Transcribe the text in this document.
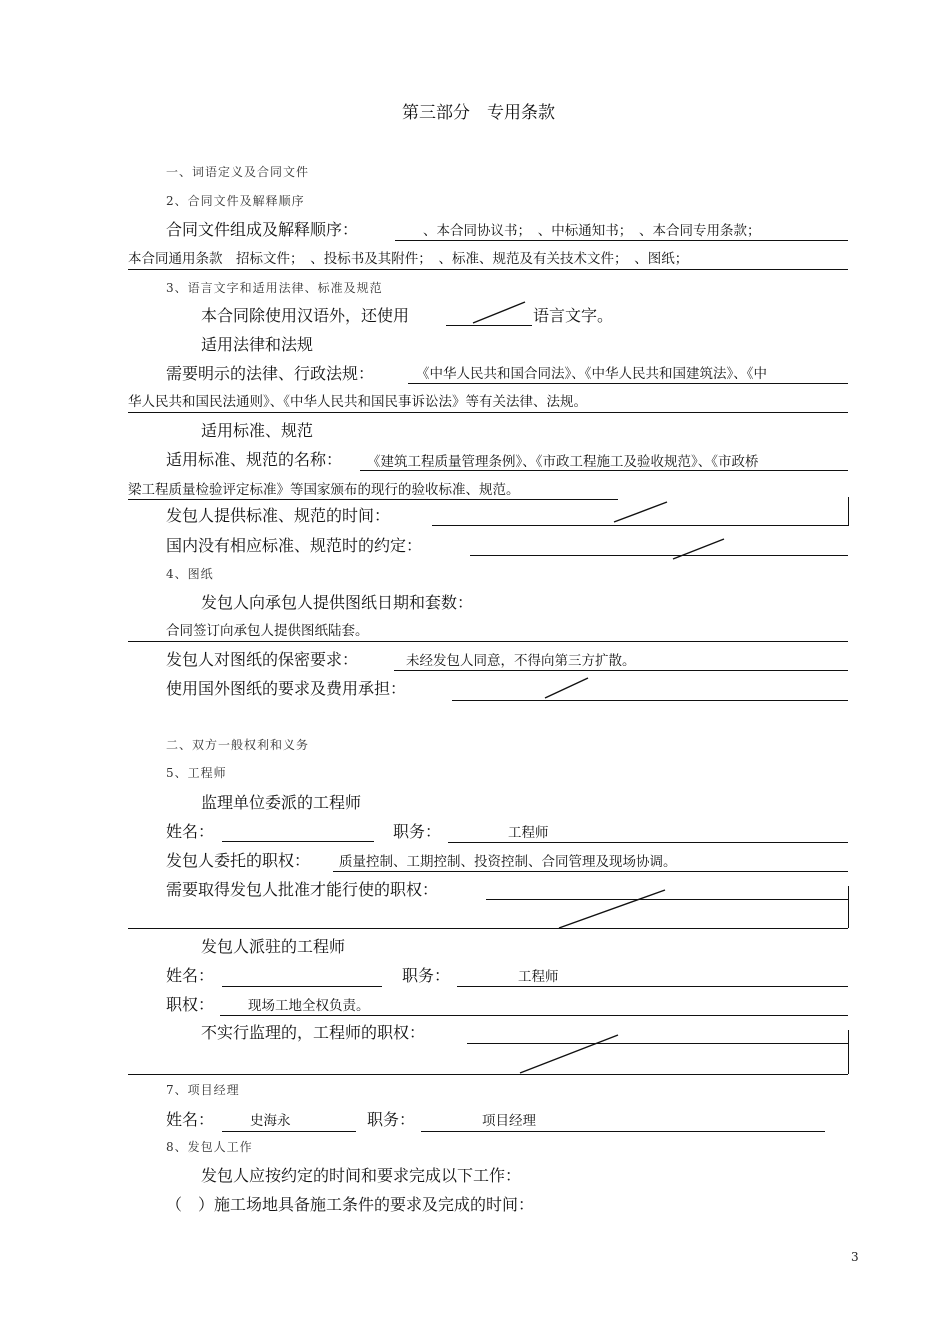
第三部分　专用条款
一、词语定义及合同文件
2、合同文件及解释顺序
合同文件组成及解释顺序：	、本合同协议书；　、中标通知书；　、本合同专用条款；
本合同通用条款　招标文件；　、投标书及其附件；　、标准、规范及有关技术文件；　、图纸；
3、语言文字和适用法律、标准及规范
本合同除使用汉语外，还使用	语言文字。
适用法律和法规
需要明示的法律、行政法规：	《中华人民共和国合同法》、《中华人民共和国建筑法》、《中
华人民共和国民法通则》、《中华人民共和国民事诉讼法》等有关法律、法规。
适用标准、规范
适用标准、规范的名称： 《建筑工程质量管理条例》、《市政工程施工及验收规范》、《市政桥
梁工程质量检验评定标准》等国家颁布的现行的验收标准、规范。
发包人提供标准、规范的时间：
国内没有相应标准、规范时的约定：
4、图纸
发包人向承包人提供图纸日期和套数：
合同签订向承包人提供图纸陆套。
发包人对图纸的保密要求：	未经发包人同意，不得向第三方扩散。
使用国外图纸的要求及费用承担：
二、双方一般权利和义务
5、工程师
监理单位委派的工程师
姓名：	职务：	工程师
发包人委托的职权： 质量控制、工期控制、投资控制、合同管理及现场协调。
需要取得发包人批准才能行使的职权：
发包人派驻的工程师
姓名：	职务：	工程师
职权：	现场工地全权负责。
不实行监理的，工程师的职权：
7、项目经理
姓名：	史海永	职务：	项目经理
8、发包人工作
发包人应按约定的时间和要求完成以下工作：
（　）施工场地具备施工条件的要求及完成的时间：
3
